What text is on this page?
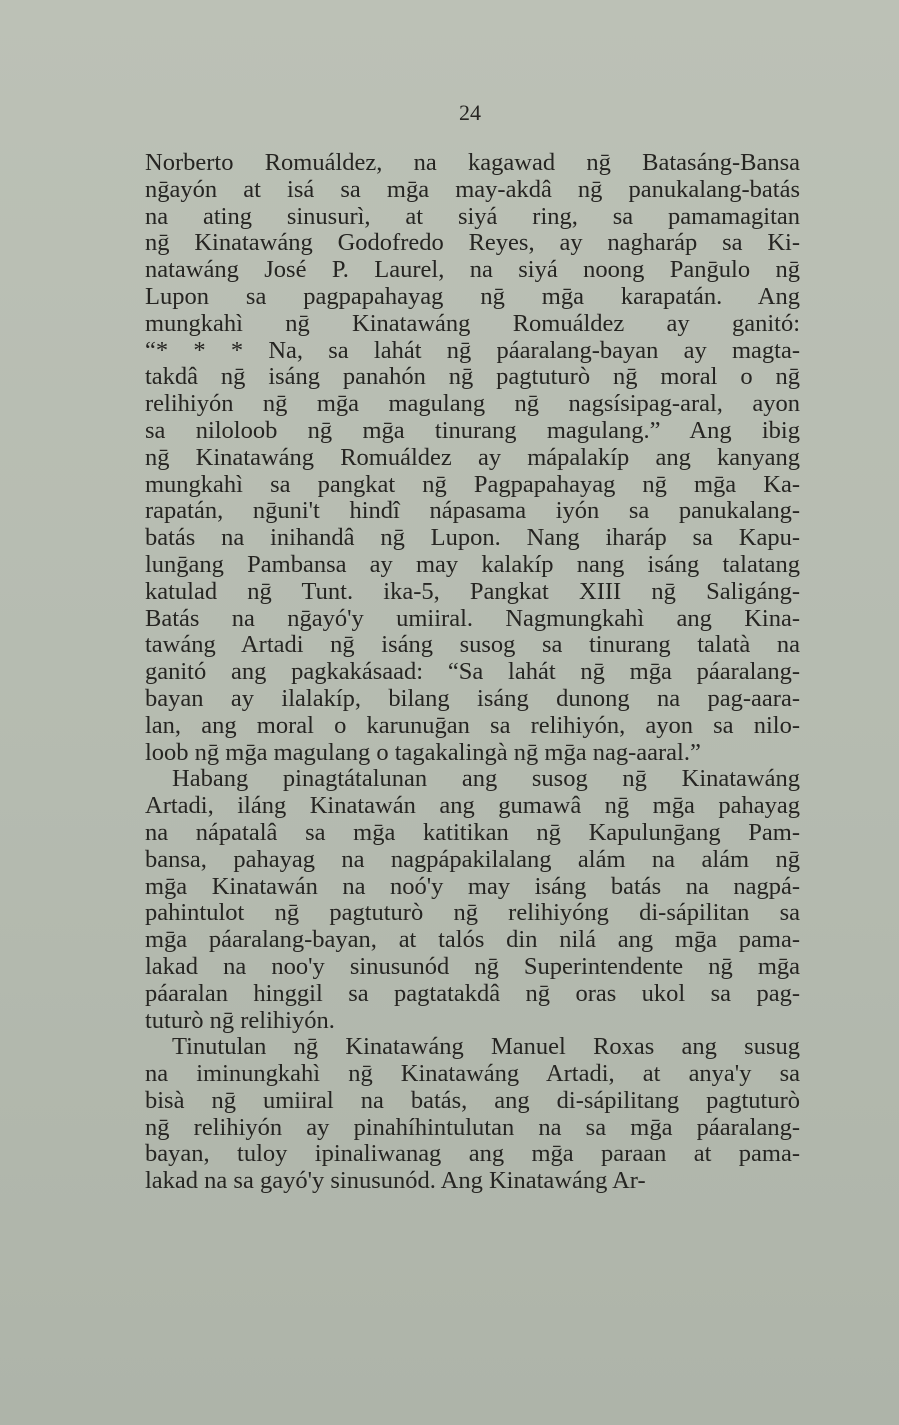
24
Norberto Romuáldez, na kagawad nḡ Batasáng-Bansa
nḡayón at isá sa mḡa may-akdâ nḡ panukalang-batás
na ating sinusurì, at siyá ring, sa pamamagitan
nḡ Kinatawáng Godofredo Reyes, ay nagharáp sa Ki-
natawáng José P. Laurel, na siyá noong Panḡulo nḡ
Lupon sa pagpapahayag nḡ mḡa karapatán. Ang
mungkahì nḡ Kinatawáng Romuáldez ay ganitó:
“* * * Na, sa lahát nḡ páaralang-bayan ay magta-
takdâ nḡ isáng panahón nḡ pagtuturò nḡ moral o nḡ
relihiyón nḡ mḡa magulang nḡ nagsísipag-aral, ayon
sa niloloob nḡ mḡa tinurang magulang.” Ang ibig
nḡ Kinatawáng Romuáldez ay mápalakíp ang kanyang
mungkahì sa pangkat nḡ Pagpapahayag nḡ mḡa Ka-
rapatán, nḡuni't hindî nápasama iyón sa panukalang-
batás na inihandâ nḡ Lupon. Nang iharáp sa Kapu-
lunḡang Pambansa ay may kalakíp nang isáng talatang
katulad nḡ Tunt. ika-5, Pangkat XIII nḡ Saligáng-
Batás na nḡayó'y umiiral. Nagmungkahì ang Kina-
tawáng Artadi nḡ isáng susog sa tinurang talatà na
ganitó ang pagkakásaad: “Sa lahát nḡ mḡa páaralang-
bayan ay ilalakíp, bilang isáng dunong na pag-aara-
lan, ang moral o karunuḡan sa relihiyón, ayon sa nilo-
loob nḡ mḡa magulang o tagakalingà nḡ mḡa nag-aaral.”
Habang pinagtátalunan ang susog nḡ Kinatawáng
Artadi, iláng Kinatawán ang gumawâ nḡ mḡa pahayag
na nápatalâ sa mḡa katitikan nḡ Kapulunḡang Pam-
bansa, pahayag na nagpápakilalang alám na alám nḡ
mḡa Kinatawán na noó'y may isáng batás na nagpá-
pahintulot nḡ pagtuturò nḡ relihiyóng di-sápilitan sa
mḡa páaralang-bayan, at talós din nilá ang mḡa pama-
lakad na noo'y sinusunód nḡ Superintendente nḡ mḡa
páaralan hinggil sa pagtatakdâ nḡ oras ukol sa pag-
tuturò nḡ relihiyón.
Tinutulan nḡ Kinatawáng Manuel Roxas ang susug
na iminungkahì nḡ Kinatawáng Artadi, at anya'y sa
bisà nḡ umiiral na batás, ang di-sápilitang pagtuturò
nḡ relihiyón ay pinahíhintulutan na sa mḡa páaralang-
bayan, tuloy ipinaliwanag ang mḡa paraan at pama-
lakad na sa gayó'y sinusunód. Ang Kinatawáng Ar-
